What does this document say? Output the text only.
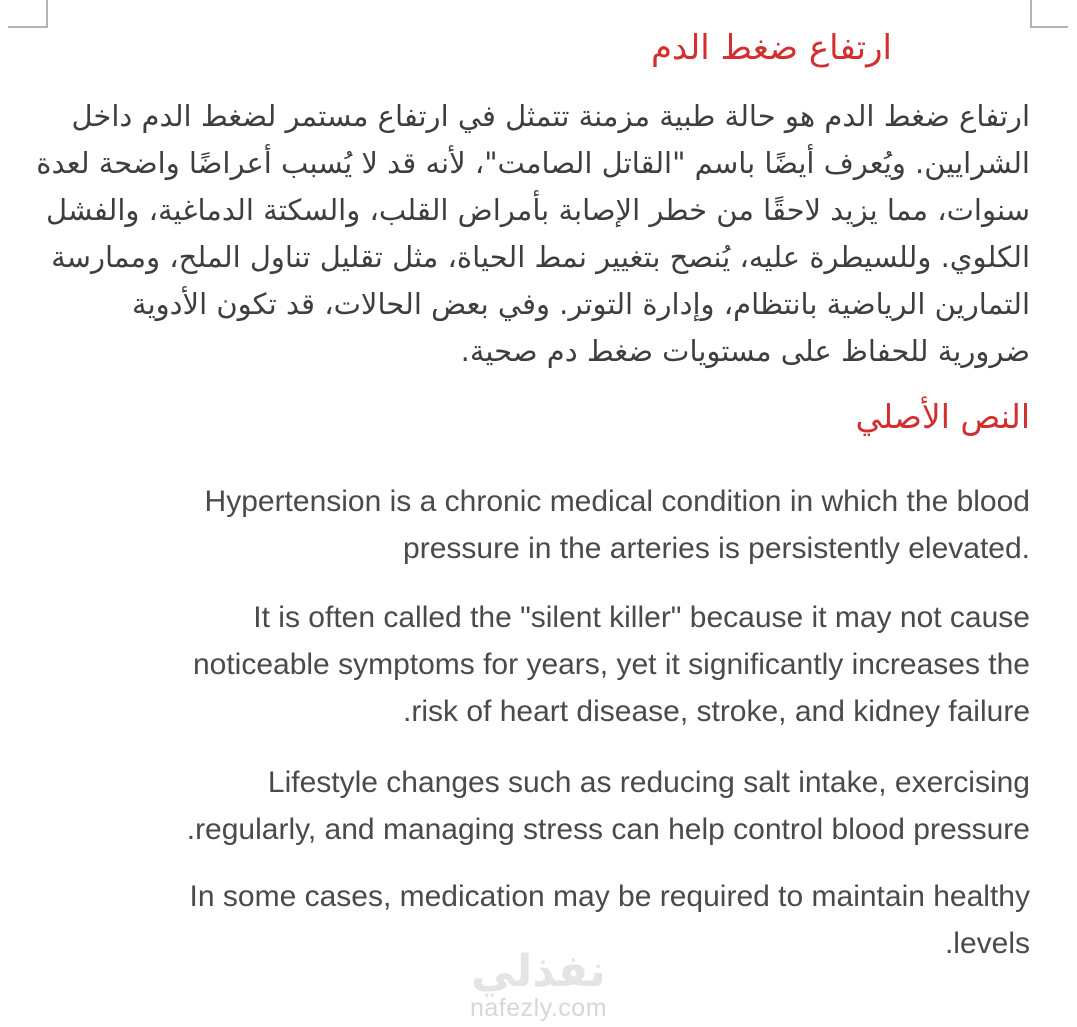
ارتفاع ضغط الدم
ارتفاع ضغط الدم هو حالة طبية مزمنة تتمثل في ارتفاع مستمر لضغط الدم داخل
الشرايين. ويُعرف أيضًا باسم "القاتل الصامت"، لأنه قد لا يُسبب أعراضًا واضحة لعدة
سنوات، مما يزيد لاحقًا من خطر الإصابة بأمراض القلب، والسكتة الدماغية، والفشل
الكلوي. وللسيطرة عليه، يُنصح بتغيير نمط الحياة، مثل تقليل تناول الملح، وممارسة
التمارين الرياضية بانتظام، وإدارة التوتر. وفي بعض الحالات، قد تكون الأدوية
ضرورية للحفاظ على مستويات ضغط دم صحية.
النص الأصلي
Hypertension is a chronic medical condition in which the blood
pressure in the arteries is persistently elevated.
It is often called the "silent killer" because it may not cause
noticeable symptoms for years, yet it significantly increases the
.risk of heart disease, stroke, and kidney failure
Lifestyle changes such as reducing salt intake, exercising
.regularly, and managing stress can help control blood pressure
In some cases, medication may be required to maintain healthy
.levels
نفذلي
nafezly.com
